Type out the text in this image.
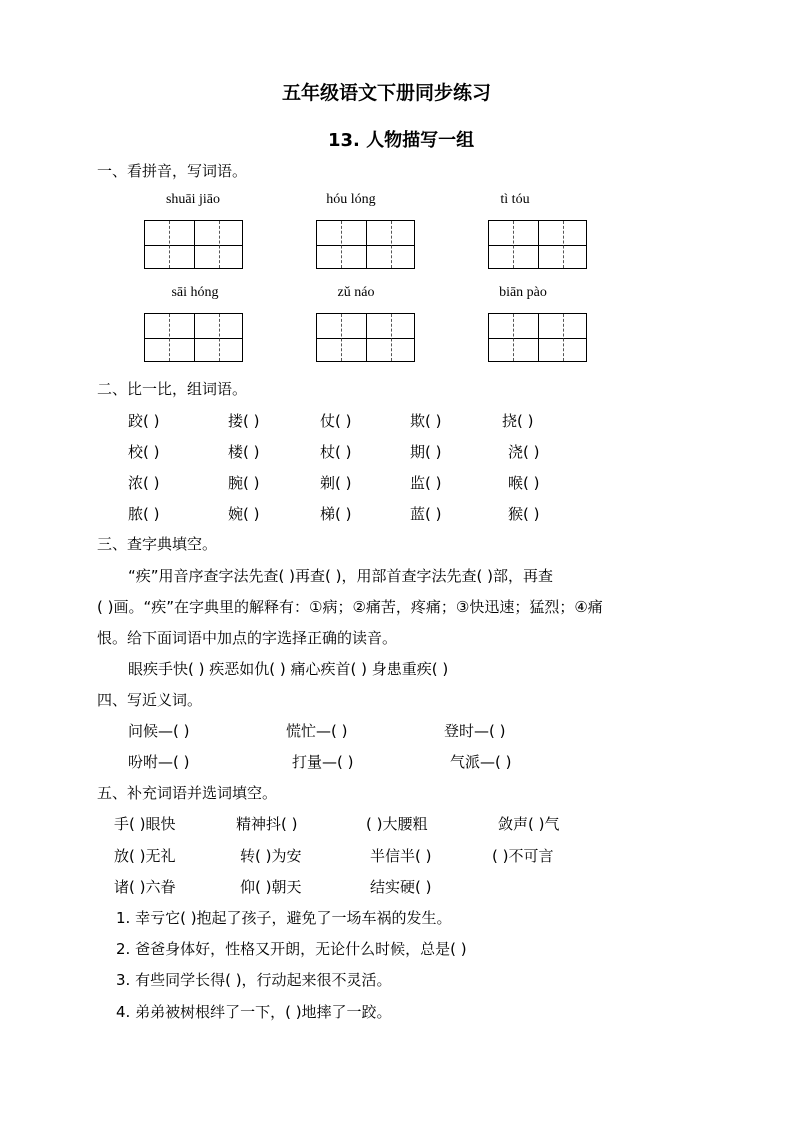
五年级语文下册同步练习
13. 人物描写一组
一、看拼音，写词语。
shuāi jiāo	hóu lóng	tì tóu
sāi hóng	zǔ náo	biān pào
二、比一比，组词语。
跤( )	搂( )	仗( )	欺( )	挠( )
校( )	楼( )	杖( )	期( )	浇( )
浓( )	腕( )	剃( )	监( )	喉( )
脓( )	婉( )	梯( )	蓝( )	猴( )
三、查字典填空。
“疾”用音序查字法先查( )再查( )，用部首查字法先查( )部，再查
( )画。“疾”在字典里的解释有：①病；②痛苦，疼痛；③快迅速；猛烈；④痛
恨。给下面词语中加点的字选择正确的读音。
眼疾手快( ) 疾恶如仇( ) 痛心疾首( ) 身患重疾( )
四、写近义词。
问候—( )	慌忙—( )	登时—( )
吩咐—( )	打量—( )	气派—( )
五、补充词语并选词填空。
手( )眼快	精神抖( )	( )大腰粗	敛声( )气
放( )无礼	转( )为安	半信半( )	( )不可言
诸( )六眷	仰( )朝天	结实硬( )
1. 幸亏它( )抱起了孩子，避免了一场车祸的发生。
2. 爸爸身体好，性格又开朗，无论什么时候，总是( )
3. 有些同学长得( )，行动起来很不灵活。
4. 弟弟被树根绊了一下，( )地摔了一跤。
